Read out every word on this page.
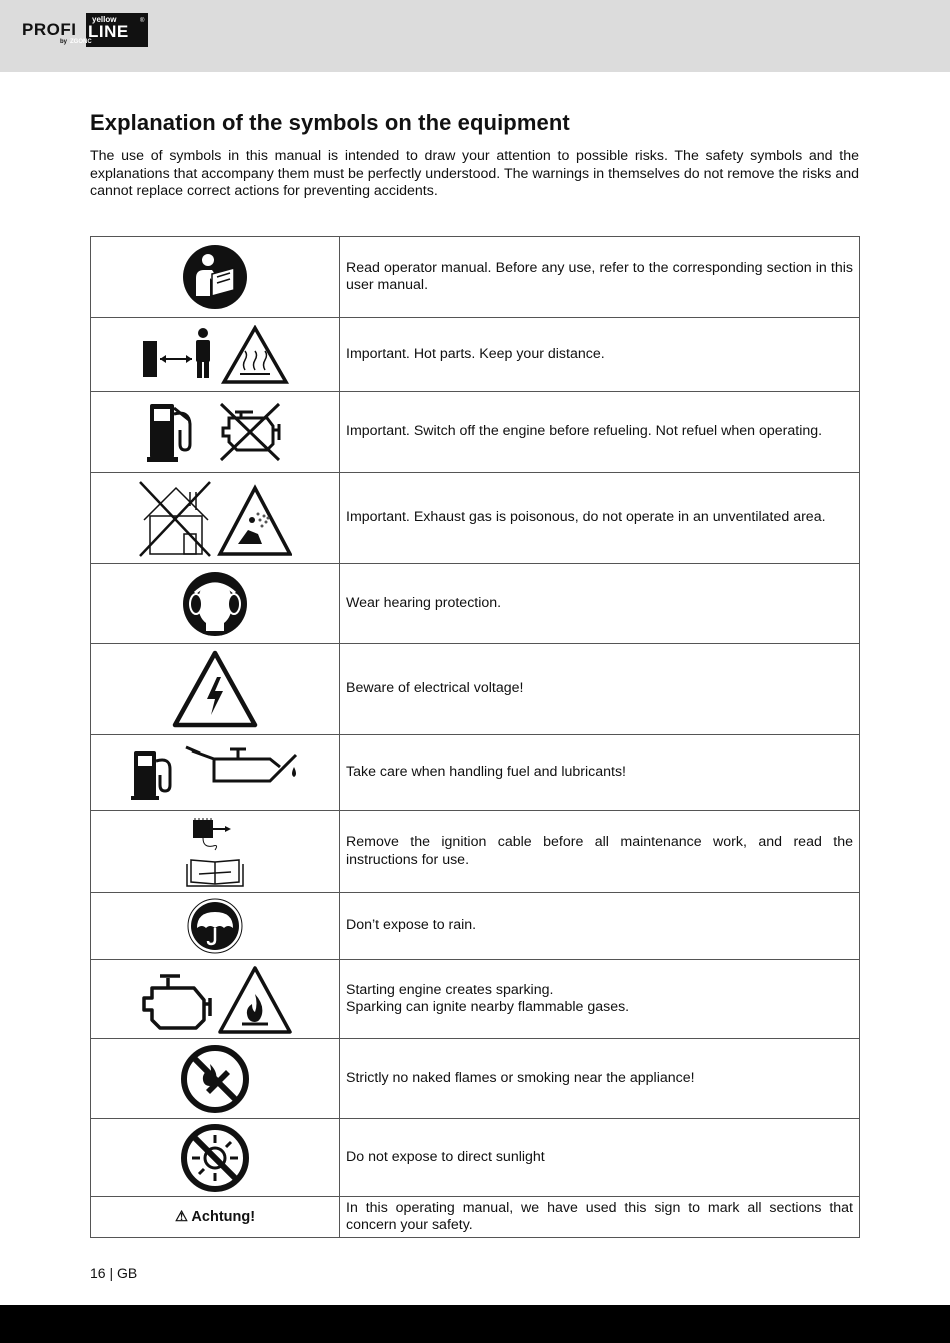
PROFI LINE
yellow	®
by ZGONC
Explanation of the symbols on the equipment

The use of symbols in this manual is intended to draw your attention to possible risks. The safety symbols and the explanations that accompany them must be perfectly understood. The warnings in themselves do not remove the risks and cannot replace correct actions for preventing accidents.

	Read operator manual. Before any use, refer to the corresponding section in this user manual.

	Important. Hot parts. Keep your distance.

	Important. Switch off the engine before refueling. Not refuel when operating.

	Important. Exhaust gas is poisonous, do not operate in an unventilated area.

	Wear hearing protection.

	Beware of electrical voltage!

	Take care when handling fuel and lubricants!

	Remove the ignition cable before all maintenance work, and read the instructions for use.

	Don’t expose to rain.

	Starting engine creates sparking.
Sparking can ignite nearby flammable gases.

	Strictly no naked flames or smoking near the appliance!

	Do not expose to direct sunlight
⚠ Achtung!	In this operating manual, we have used this sign to mark all sections that concern your safety.
16 | GB
